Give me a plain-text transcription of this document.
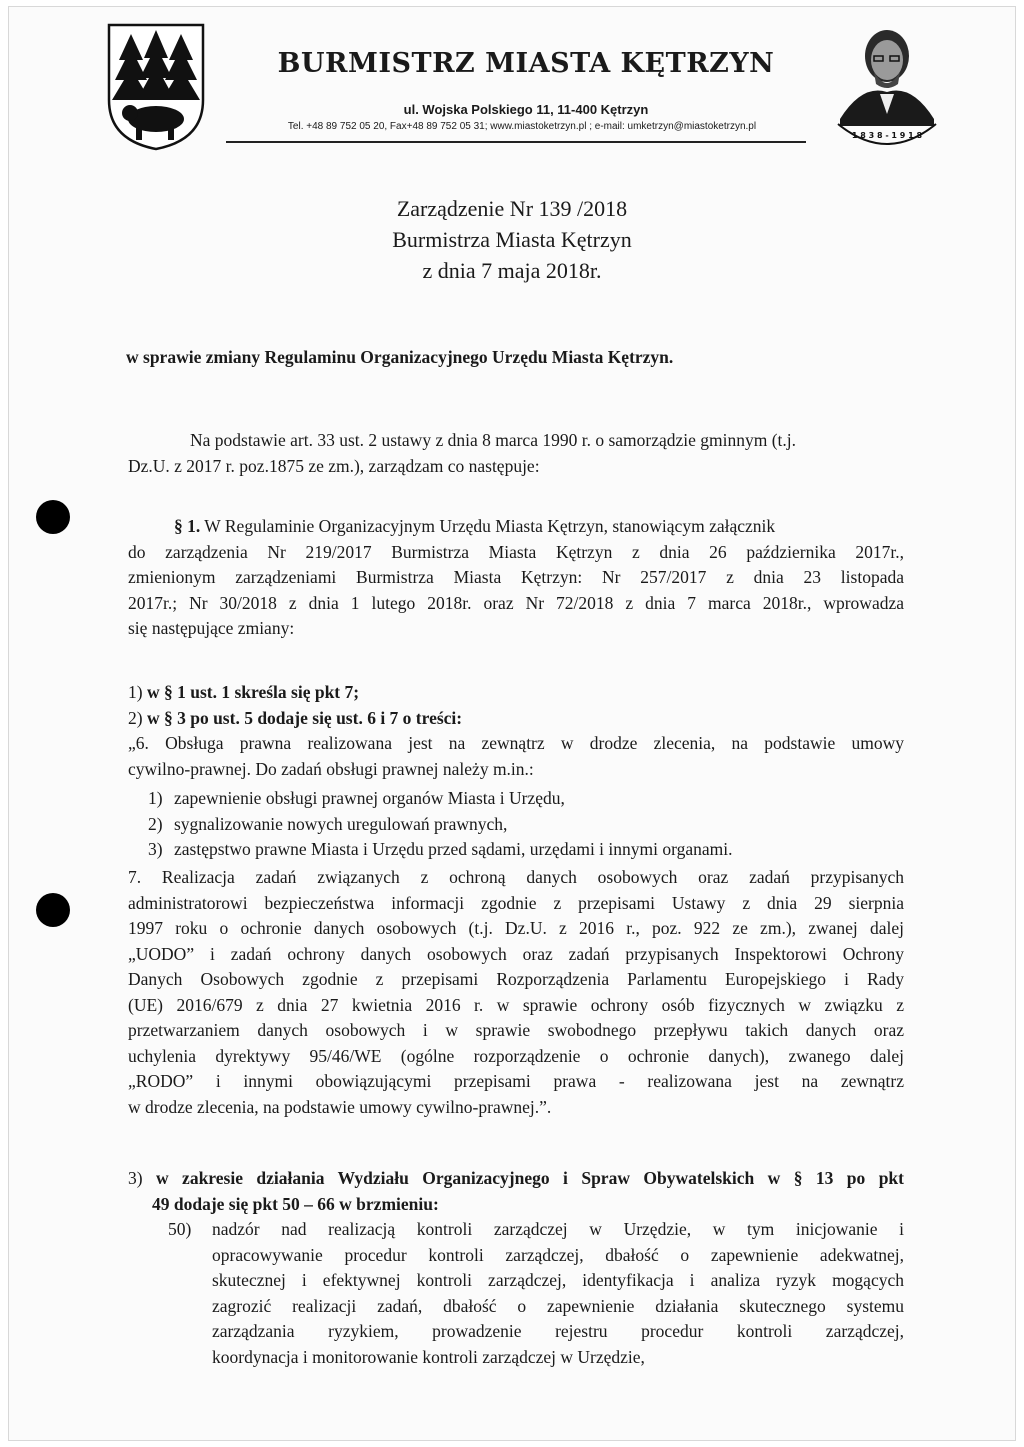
1 8 3 8 - 1 9 1 8
BURMISTRZ MIASTA KĘTRZYN
ul. Wojska Polskiego 11, 11-400 Kętrzyn
Tel. +48 89 752 05 20, Fax+48 89 752 05 31; www.miastoketrzyn.pl ; e-mail: umketrzyn@miastoketrzyn.pl
Zarządzenie Nr 139 /2018
Burmistrza Miasta Kętrzyn
z dnia 7 maja 2018r.
w sprawie zmiany Regulaminu Organizacyjnego Urzędu Miasta Kętrzyn.
Na podstawie art. 33 ust. 2 ustawy z dnia 8 marca 1990 r. o samorządzie gminnym (t.j.
Dz.U. z 2017 r. poz.1875 ze zm.), zarządzam co następuje:
§ 1. W Regulaminie Organizacyjnym Urzędu Miasta Kętrzyn, stanowiącym załącznik
do zarządzenia Nr 219/2017 Burmistrza Miasta Kętrzyn z dnia 26 października 2017r.,
zmienionym zarządzeniami Burmistrza Miasta Kętrzyn: Nr 257/2017 z dnia 23 listopada
2017r.; Nr 30/2018 z dnia 1 lutego 2018r. oraz Nr 72/2018 z dnia 7 marca 2018r., wprowadza
się następujące zmiany:
1) w § 1 ust. 1 skreśla się pkt 7;
2) w § 3 po ust. 5 dodaje się ust. 6 i 7 o treści:
„6. Obsługa prawna realizowana jest na zewnątrz w drodze zlecenia, na podstawie umowy
cywilno-prawnej. Do zadań obsługi prawnej należy m.in.:
1) zapewnienie obsługi prawnej organów Miasta i Urzędu,
2) sygnalizowanie nowych uregulowań prawnych,
3) zastępstwo prawne Miasta i Urzędu przed sądami, urzędami i innymi organami.
7. Realizacja zadań związanych z ochroną danych osobowych oraz zadań przypisanych
administratorowi bezpieczeństwa informacji zgodnie z przepisami Ustawy z dnia 29 sierpnia
1997 roku o ochronie danych osobowych (t.j. Dz.U. z 2016 r., poz. 922 ze zm.), zwanej dalej
„UODO” i zadań ochrony danych osobowych oraz zadań przypisanych Inspektorowi Ochrony
Danych Osobowych zgodnie z przepisami Rozporządzenia Parlamentu Europejskiego i Rady
(UE) 2016/679 z dnia 27 kwietnia 2016 r. w sprawie ochrony osób fizycznych w związku z
przetwarzaniem danych osobowych i w sprawie swobodnego przepływu takich danych oraz
uchylenia dyrektywy 95/46/WE (ogólne rozporządzenie o ochronie danych), zwanego dalej
„RODO” i innymi obowiązującymi przepisami prawa - realizowana jest na zewnątrz
w drodze zlecenia, na podstawie umowy cywilno-prawnej.”.
3) w zakresie działania Wydziału Organizacyjnego i Spraw Obywatelskich w § 13 po pkt
49 dodaje się pkt 50 – 66 w brzmieniu:
50) nadzór nad realizacją kontroli zarządczej w Urzędzie, w tym inicjowanie i
opracowywanie procedur kontroli zarządczej, dbałość o zapewnienie adekwatnej,
skutecznej i efektywnej kontroli zarządczej, identyfikacja i analiza ryzyk mogących
zagrozić realizacji zadań, dbałość o zapewnienie działania skutecznego systemu
zarządzania ryzykiem, prowadzenie rejestru procedur kontroli zarządczej,
koordynacja i monitorowanie kontroli zarządczej w Urzędzie,
